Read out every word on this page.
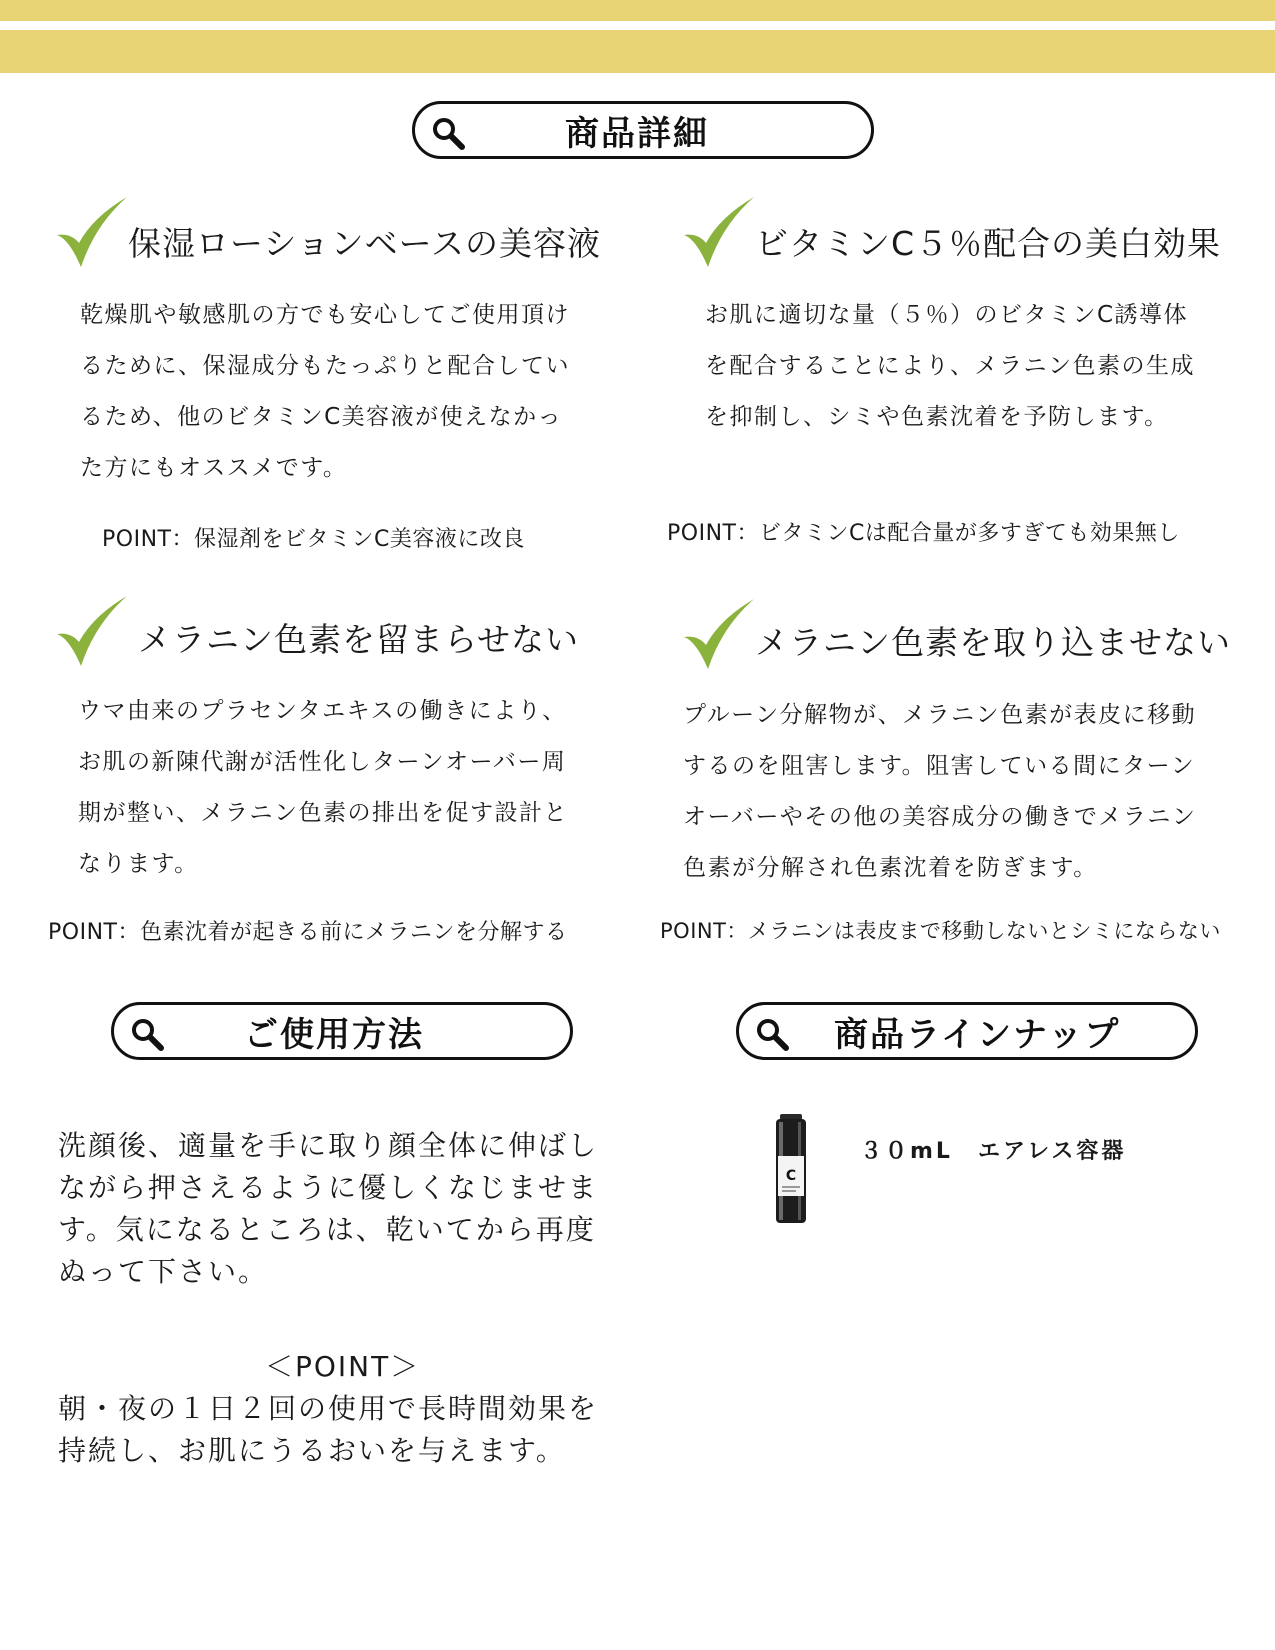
商品詳細
保湿ローションベースの美容液
乾燥肌や敏感肌の方でも安心してご使用頂け
るために、保湿成分もたっぷりと配合してい
るため、他のビタミンC美容液が使えなかっ
た方にもオススメです。
POINT：保湿剤をビタミンC美容液に改良
ビタミンC５％配合の美白効果
お肌に適切な量（５％）のビタミンC誘導体
を配合することにより、メラニン色素の生成
を抑制し、シミや色素沈着を予防します。
POINT：ビタミンCは配合量が多すぎても効果無し
メラニン色素を留まらせない
ウマ由来のプラセンタエキスの働きにより、
お肌の新陳代謝が活性化しターンオーバー周
期が整い、メラニン色素の排出を促す設計と
なります。
POINT：色素沈着が起きる前にメラニンを分解する
メラニン色素を取り込ませない
プルーン分解物が、メラニン色素が表皮に移動
するのを阻害します。阻害している間にターン
オーバーやその他の美容成分の働きでメラニン
色素が分解され色素沈着を防ぎます。
POINT：メラニンは表皮まで移動しないとシミにならない
ご使用方法	商品ラインナップ
洗顔後、適量を手に取り顔全体に伸ばし
ながら押さえるように優しくなじませま
す。気になるところは、乾いてから再度
ぬって下さい。
＜POINT＞
朝・夜の１日２回の使用で長時間効果を
持続し、お肌にうるおいを与えます。
C
３０mL　エアレス容器
